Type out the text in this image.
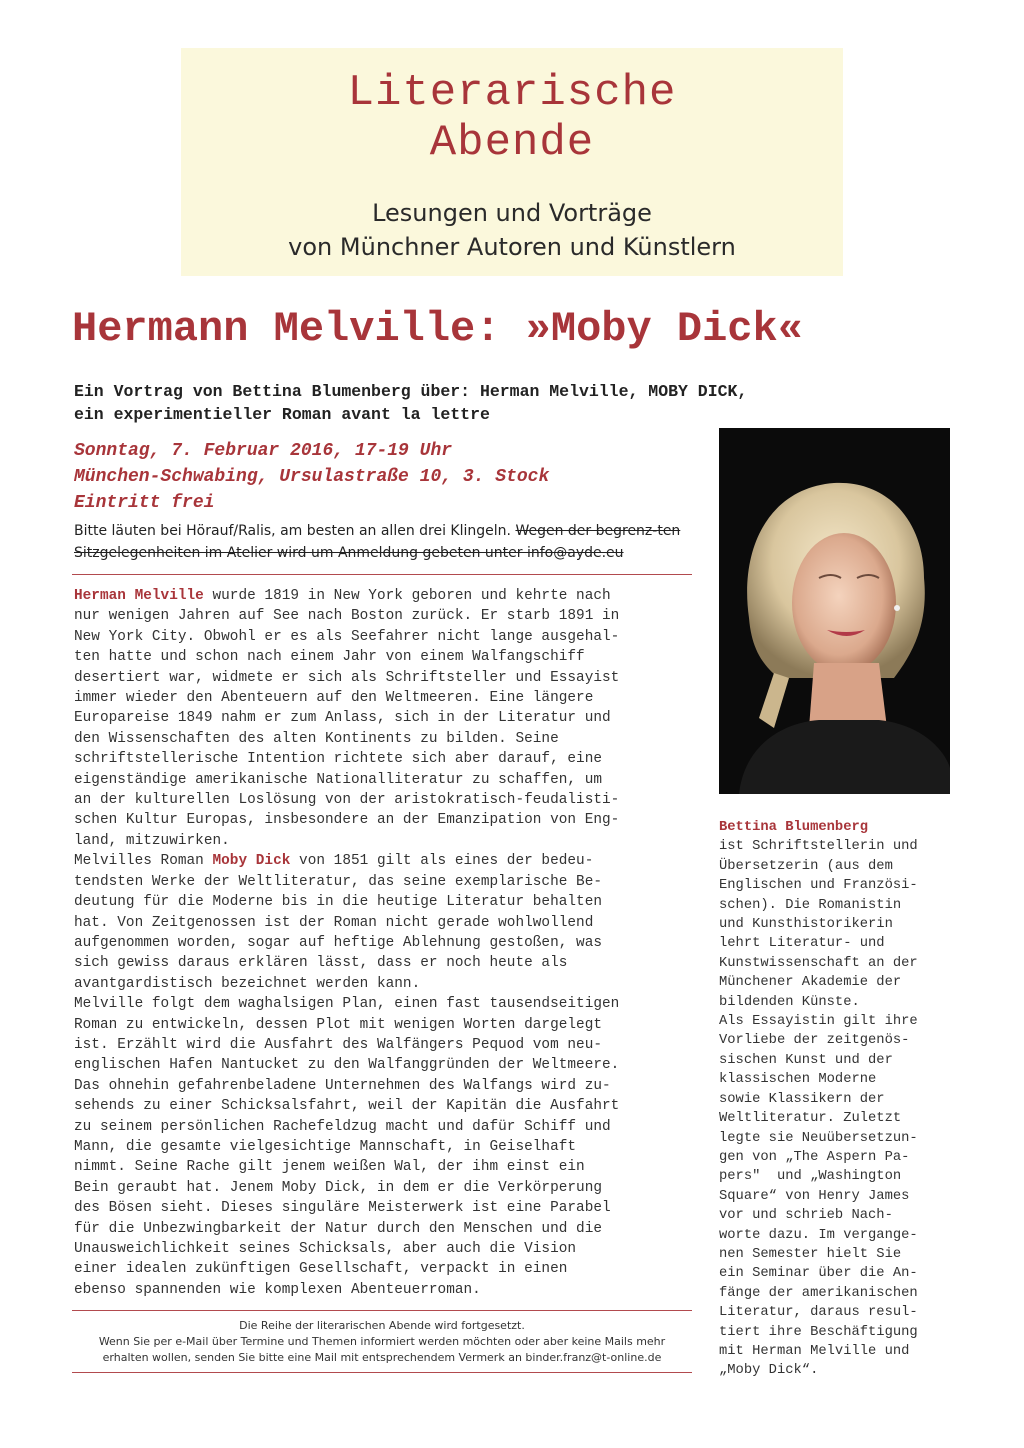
Literarische
Abende
Lesungen und Vorträge
von Münchner Autoren und Künstlern
Hermann Melville: »Moby Dick«
Ein Vortrag von Bettina Blumenberg über: Herman Melville, MOBY DICK,
ein experimentieller Roman avant la lettre
Sonntag, 7. Februar 2016, 17-19 Uhr
München-Schwabing, Ursulastraße 10, 3. Stock
Eintritt frei
Bitte läuten bei Hörauf/Ralis, am besten an allen drei Klingeln. Wegen der begrenz-ten Sitzgelegenheiten im Atelier wird um Anmeldung gebeten unter info@ayde.eu
Herman Melville wurde 1819 in New York geboren und kehrte nach
nur wenigen Jahren auf See nach Boston zurück. Er starb 1891 in
New York City. Obwohl er es als Seefahrer nicht lange ausgehal-
ten hatte und schon nach einem Jahr von einem Walfangschiff
desertiert war, widmete er sich als Schriftsteller und Essayist
immer wieder den Abenteuern auf den Weltmeeren. Eine längere
Europareise 1849 nahm er zum Anlass, sich in der Literatur und
den Wissenschaften des alten Kontinents zu bilden. Seine
schriftstellerische Intention richtete sich aber darauf, eine
eigenständige amerikanische Nationalliteratur zu schaffen, um
an der kulturellen Loslösung von der aristokratisch-feudalisti-
schen Kultur Europas, insbesondere an der Emanzipation von Eng-
land, mitzuwirken.
Melvilles Roman Moby Dick von 1851 gilt als eines der bedeu-
tendsten Werke der Weltliteratur, das seine exemplarische Be-
deutung für die Moderne bis in die heutige Literatur behalten
hat. Von Zeitgenossen ist der Roman nicht gerade wohlwollend
aufgenommen worden, sogar auf heftige Ablehnung gestoßen, was
sich gewiss daraus erklären lässt, dass er noch heute als
avantgardistisch bezeichnet werden kann.
Melville folgt dem waghalsigen Plan, einen fast tausendseitigen
Roman zu entwickeln, dessen Plot mit wenigen Worten dargelegt
ist. Erzählt wird die Ausfahrt des Walfängers Pequod vom neu-
englischen Hafen Nantucket zu den Walfanggründen der Weltmeere.
Das ohnehin gefahrenbeladene Unternehmen des Walfangs wird zu-
sehends zu einer Schicksalsfahrt, weil der Kapitän die Ausfahrt
zu seinem persönlichen Rachefeldzug macht und dafür Schiff und
Mann, die gesamte vielgesichtige Mannschaft, in Geiselhaft
nimmt. Seine Rache gilt jenem weißen Wal, der ihm einst ein
Bein geraubt hat. Jenem Moby Dick, in dem er die Verkörperung
des Bösen sieht. Dieses singuläre Meisterwerk ist eine Parabel
für die Unbezwingbarkeit der Natur durch den Menschen und die
Unausweichlichkeit seines Schicksals, aber auch die Vision
einer idealen zukünftigen Gesellschaft, verpackt in einen
ebenso spannenden wie komplexen Abenteuerroman.
Die Reihe der literarischen Abende wird fortgesetzt.
Wenn Sie per e-Mail über Termine und Themen informiert werden möchten oder aber keine Mails mehr
erhalten wollen, senden Sie bitte eine Mail mit entsprechendem Vermerk an binder.franz@t-online.de
Bettina Blumenberg
ist Schriftstellerin und
Übersetzerin (aus dem
Englischen und Französi-
schen). Die Romanistin
und Kunsthistorikerin
lehrt Literatur- und
Kunstwissenschaft an der
Münchener Akademie der
bildenden Künste.
Als Essayistin gilt ihre
Vorliebe der zeitgenös-
sischen Kunst und der
klassischen Moderne
sowie Klassikern der
Weltliteratur. Zuletzt
legte sie Neuübersetzun-
gen von „The Aspern Pa-
pers"  und „Washington
Square“ von Henry James
vor und schrieb Nach-
worte dazu. Im vergange-
nen Semester hielt Sie
ein Seminar über die An-
fänge der amerikanischen
Literatur, daraus resul-
tiert ihre Beschäftigung
mit Herman Melville und
„Moby Dick“.
